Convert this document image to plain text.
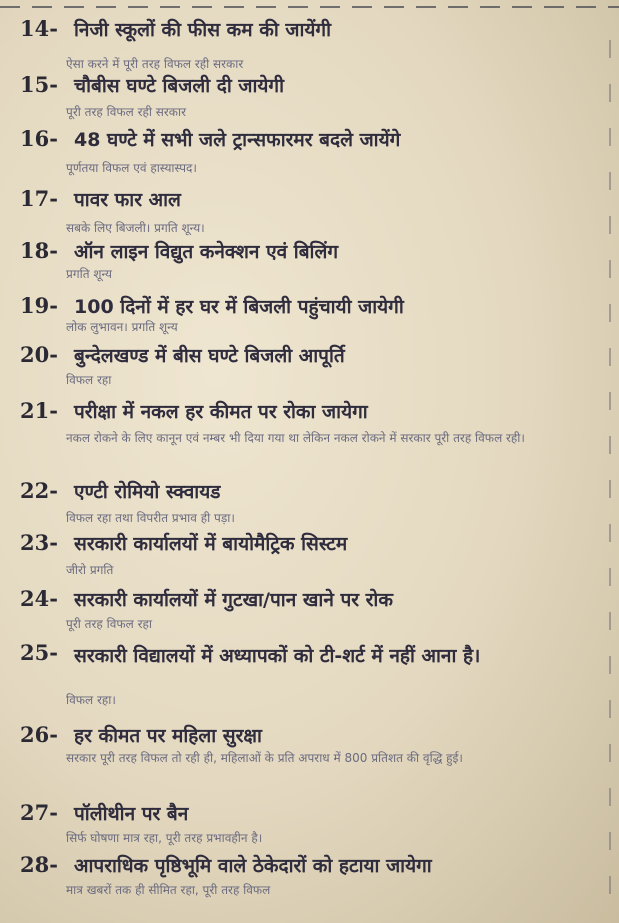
14- निजी स्कूलों की फीस कम की जायेंगी
ऐसा करने में पूरी तरह विफल रही सरकार
15- चौबीस घण्टे बिजली दी जायेगी
पूरी तरह विफल रही सरकार
16- 48 घण्टे में सभी जले ट्रान्सफारमर बदले जायेंगे
पूर्णतया विफल एवं हास्यास्पद।
17- पावर फार आल
सबके लिए बिजली। प्रगति शून्य।
18- ऑन लाइन विद्युत कनेक्शन एवं बिलिंग
प्रगति शून्य
19- 100 दिनों में हर घर में बिजली पहुंचायी जायेगी
लोक लुभावन। प्रगति शून्य
20- बुन्देलखण्ड में बीस घण्टे बिजली आपूर्ति
विफल रहा
21- परीक्षा में नकल हर कीमत पर रोका जायेगा
नकल रोकने के लिए कानून एवं नम्बर भी दिया गया था लेकिन नकल रोकने में सरकार पूरी तरह विफल रही।
22- एण्टी रोमियो स्क्वायड
विफल रहा तथा विपरीत प्रभाव ही पड़ा।
23- सरकारी कार्यालयों में बायोमैट्रिक सिस्टम
जीरो प्रगति
24- सरकारी कार्यालयों में गुटखा/पान खाने पर रोक
पूरी तरह विफल रहा
25- सरकारी विद्यालयों में अध्यापकों को टी-शर्ट में नहीं आना है।
विफल रहा।
26- हर कीमत पर महिला सुरक्षा
सरकार पूरी तरह विफल तो रही ही, महिलाओं के प्रति अपराध में 800 प्रतिशत की वृद्धि हुई।
27- पॉलीथीन पर बैन
सिर्फ घोषणा मात्र रहा, पूरी तरह प्रभावहीन है।
28- आपराधिक पृष्ठिभूमि वाले ठेकेदारों को हटाया जायेगा
मात्र खबरों तक ही सीमित रहा, पूरी तरह विफल
